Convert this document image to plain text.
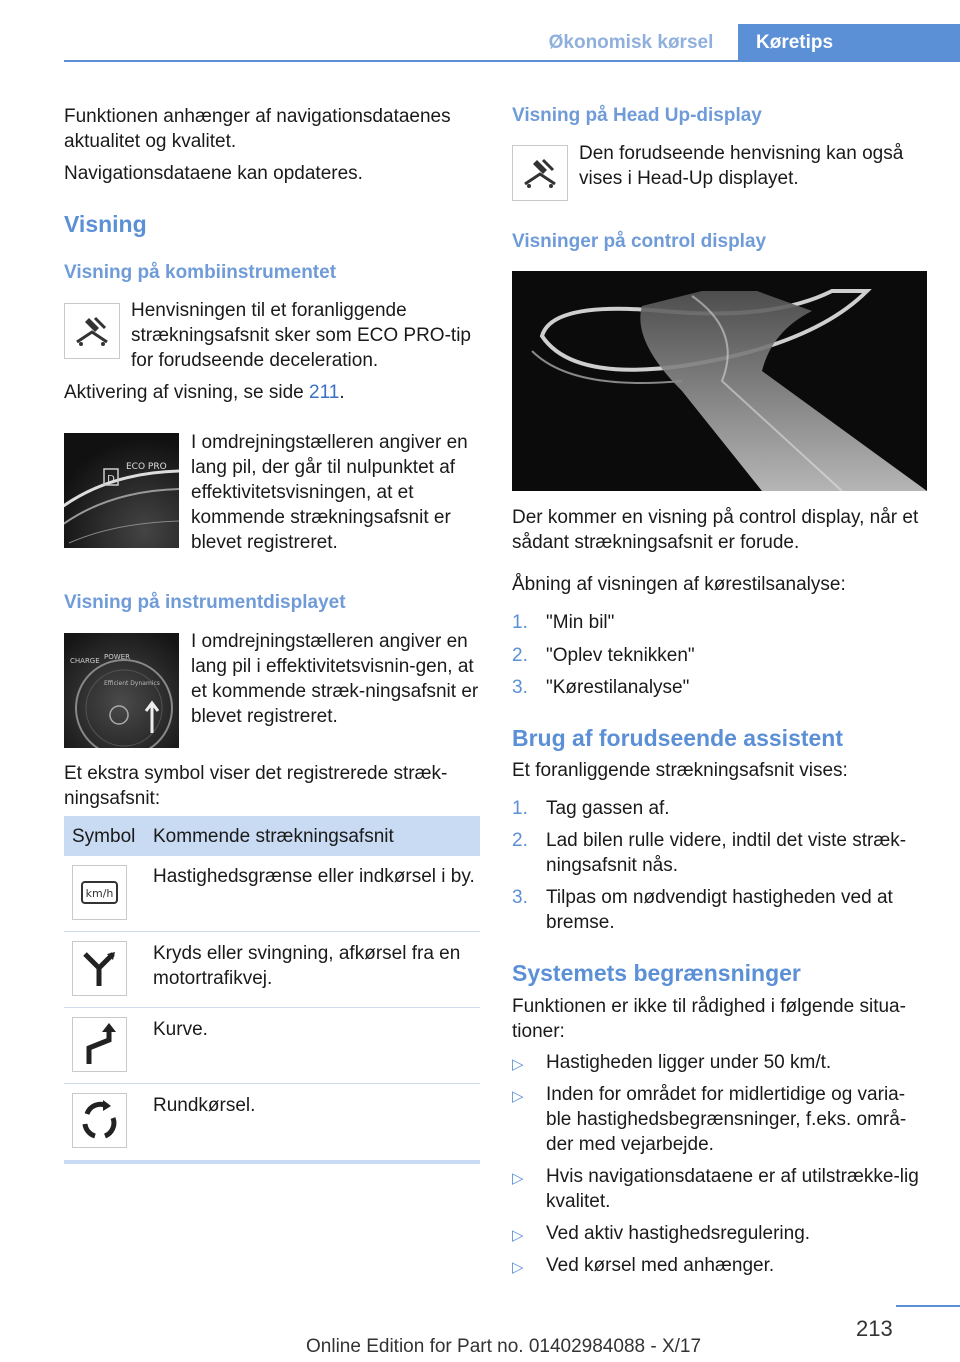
Økonomisk kørsel	Køretips
Funktionen anhænger af navigationsdataenes aktualitet og kvalitet.
Navigationsdataene kan opdateres.
Visning
Visning på kombiinstrumentet
Henvisningen til et foranliggende strækningsafsnit sker som ECO PRO-tip for forudseende deceleration.
Aktivering af visning, se side 211.
D
ECO PRO
I omdrejningstælleren angiver en lang pil, der går til nulpunktet af effektivitetsvisningen, at et kommende strækningsafsnit er blevet registreret.
Visning på instrumentdisplayet
CHARGE POWER
Efficient Dynamics
I omdrejningstælleren angiver en lang pil i effektivitetsvisnin-gen, at et kommende stræk-ningsafsnit er blevet registreret.
Et ekstra symbol viser det registrerede stræk-ningsafsnit:
Symbol Kommende strækningsafsnit
km/h
Hastighedsgrænse eller indkørsel i by.
Kryds eller svingning, afkørsel fra en motortrafikvej.
Kurve.
Rundkørsel.
Visning på Head Up-display
Den forudseende henvisning kan også vises i Head-Up displayet.
Visninger på control display
Der kommer en visning på control display, når et sådant strækningsafsnit er forude.
Åbning af visningen af kørestilsanalyse:
1. "Min bil"
2. "Oplev teknikken"
3. "Kørestilanalyse"
Brug af forudseende assistent
Et foranliggende strækningsafsnit vises:
1. Tag gassen af.
2. Lad bilen rulle videre, indtil det viste stræk-ningsafsnit nås.
3. Tilpas om nødvendigt hastigheden ved at bremse.
Systemets begrænsninger
Funktionen er ikke til rådighed i følgende situa-tioner:
▷ Hastigheden ligger under 50 km/t.
▷ Inden for området for midlertidige og varia-ble hastighedsbegrænsninger, f.eks. områ-der med vejarbejde.
▷ Hvis navigationsdataene er af utilstrække-lig kvalitet.
▷ Ved aktiv hastighedsregulering.
▷ Ved kørsel med anhænger.
213
Online Edition for Part no. 01402984088 - X/17
